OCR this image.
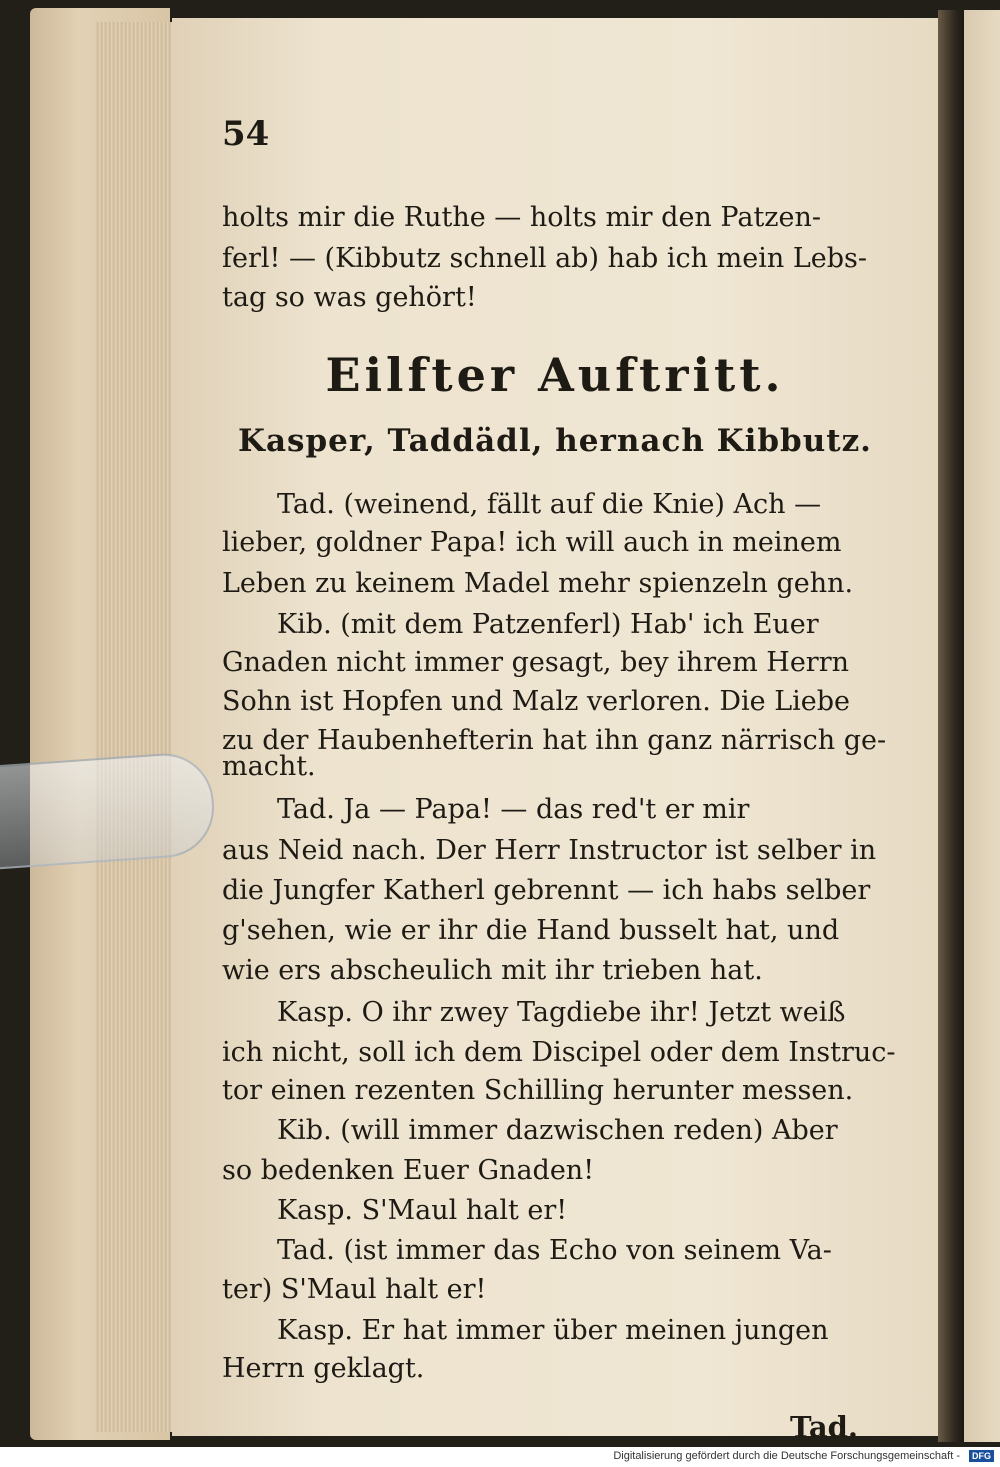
54

holts mir die Ruthe — holts mir den Patzen-

ferl! — (Kibbutz schnell ab) hab ich mein Lebs-

tag so was gehört!

Eilfter Auftritt.
Kasper, Taddädl, hernach Kibbutz.

Tad. (weinend, fällt auf die Knie) Ach —

lieber, goldner Papa! ich will auch in meinem

Leben zu keinem Madel mehr spienzeln gehn.

Kib. (mit dem Patzenferl) Hab' ich Euer

Gnaden nicht immer gesagt, bey ihrem Herrn

Sohn ist Hopfen und Malz verloren. Die Liebe

zu der Haubenhefterin hat ihn ganz närrisch ge-

macht.

Tad. Ja — Papa! — das red't er mir

aus Neid nach. Der Herr Instructor ist selber in

die Jungfer Katherl gebrennt — ich habs selber

g'sehen, wie er ihr die Hand busselt hat, und

wie ers abscheulich mit ihr trieben hat.

Kasp. O ihr zwey Tagdiebe ihr! Jetzt weiß

ich nicht, soll ich dem Discipel oder dem Instruc-

tor einen rezenten Schilling herunter messen.

Kib. (will immer dazwischen reden) Aber

so bedenken Euer Gnaden!

Kasp. S'Maul halt er!

Tad. (ist immer das Echo von seinem Va-

ter) S'Maul halt er!

Kasp. Er hat immer über meinen jungen

Herrn geklagt.

Tad.
Digitalisierung gefördert durch die Deutsche Forschungsgemeinschaft -	DFG
